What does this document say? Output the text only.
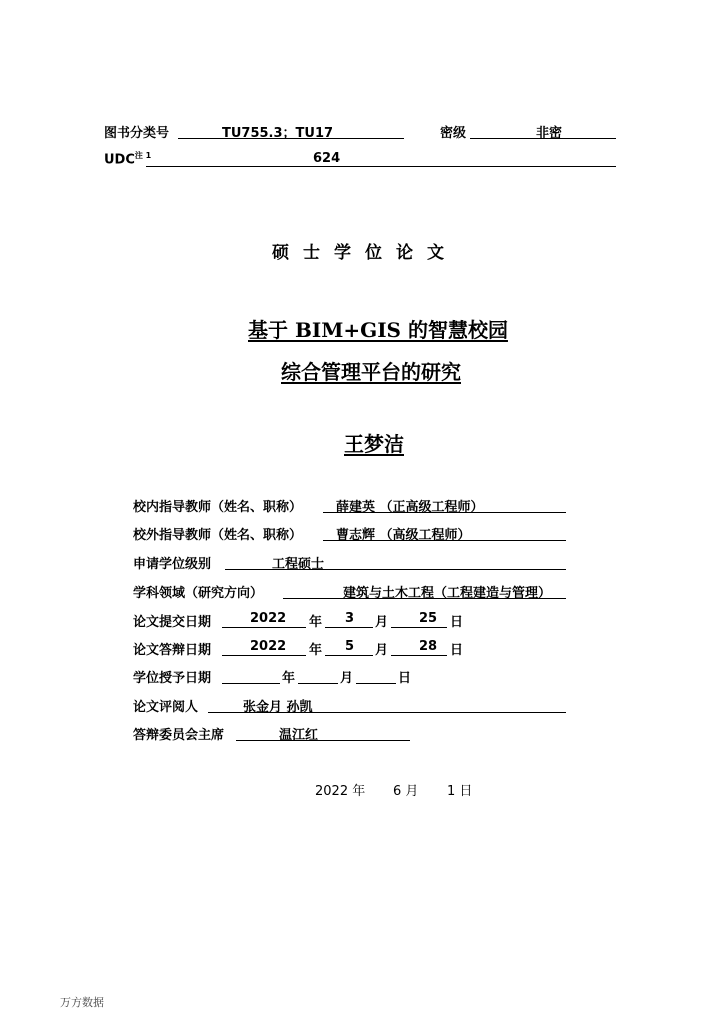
图书分类号	TU755.3；TU17	密级	非密
$UDC^{注 1}$	624
硕士学位论文
基于 BIM+GIS 的智慧校园
综合管理平台的研究
王梦洁
校内指导教师（姓名、职称）	薛建英 （正高级工程师）
校外指导教师（姓名、职称）	曹志辉 （高级工程师）
申请学位级别	工程硕士
学科领域（研究方向）	建筑与土木工程（工程建造与管理）
论文提交日期	2022 年 3 月 25 日
论文答辩日期	2022 年 5 月 28 日
学位授予日期	年	月	日
论文评阅人	张金月 孙凯
答辩委员会主席	温江红
2022 年 6 月 1 日
万方数据
